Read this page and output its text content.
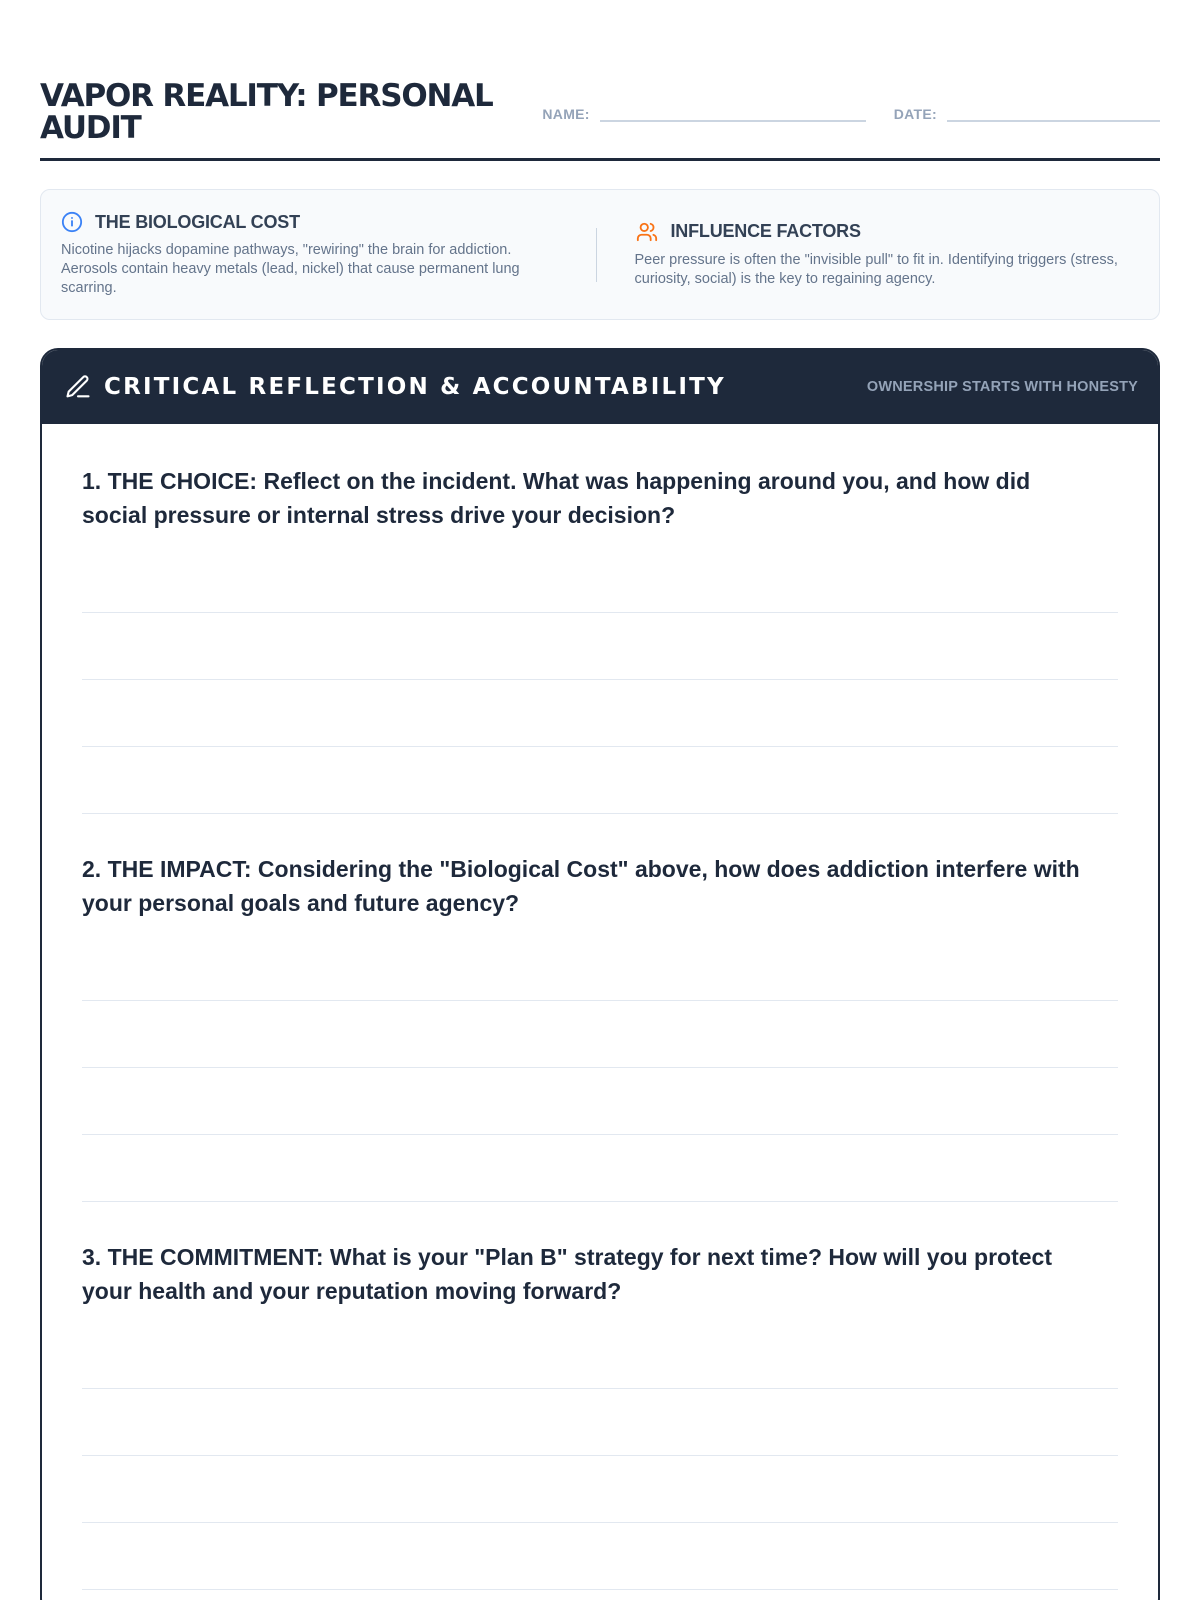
VAPOR REALITY: PERSONAL AUDIT	NAME:	DATE:
THE BIOLOGICAL COST
Nicotine hijacks dopamine pathways, "rewiring" the brain for addiction. Aerosols contain heavy metals (lead, nickel) that cause permanent lung scarring.
INFLUENCE FACTORS
Peer pressure is often the "invisible pull" to fit in. Identifying triggers (stress, curiosity, social) is the key to regaining agency.
CRITICAL REFLECTION & ACCOUNTABILITY	OWNERSHIP STARTS WITH HONESTY
1. THE CHOICE: Reflect on the incident. What was happening around you, and how did social pressure or internal stress drive your decision?
2. THE IMPACT: Considering the "Biological Cost" above, how does addiction interfere with your personal goals and future agency?
3. THE COMMITMENT: What is your "Plan B" strategy for next time? How will you protect your health and your reputation moving forward?
